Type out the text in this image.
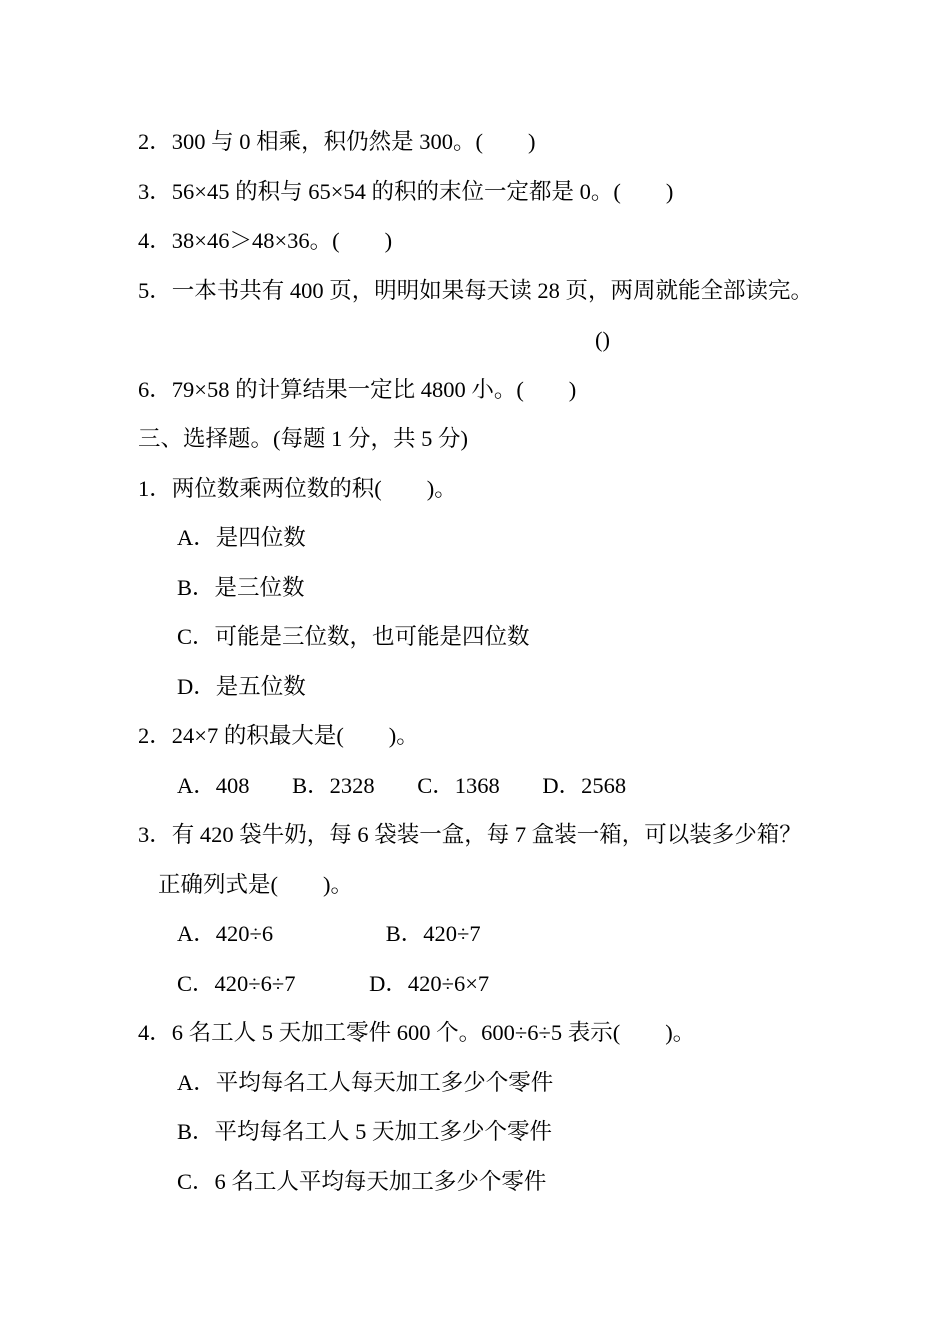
2．300 与 0 相乘，积仍然是 300。(　　)
3．56×45 的积与 65×54 的积的末位一定都是 0。(　　)
4．38×46＞48×36。(　　)
5．一本书共有 400 页，明明如果每天读 28 页，两周就能全部读完。
()
6．79×58 的计算结果一定比 4800 小。(　　)
三、选择题。(每题 1 分，共 5 分)
1．两位数乘两位数的积(　　)。
A．是四位数
B．是三位数
C．可能是三位数，也可能是四位数
D．是五位数
2．24×7 的积最大是(　　)。
A．408 B．2328 C．1368 D．2568
3．有 420 袋牛奶，每 6 袋装一盒，每 7 盒装一箱，可以装多少箱？
正确列式是(　　)。
A．420÷6	B．420÷7
C．420÷6÷7	D．420÷6×7
4．6 名工人 5 天加工零件 600 个。600÷6÷5 表示(　　)。
A．平均每名工人每天加工多少个零件
B．平均每名工人 5 天加工多少个零件
C．6 名工人平均每天加工多少个零件
